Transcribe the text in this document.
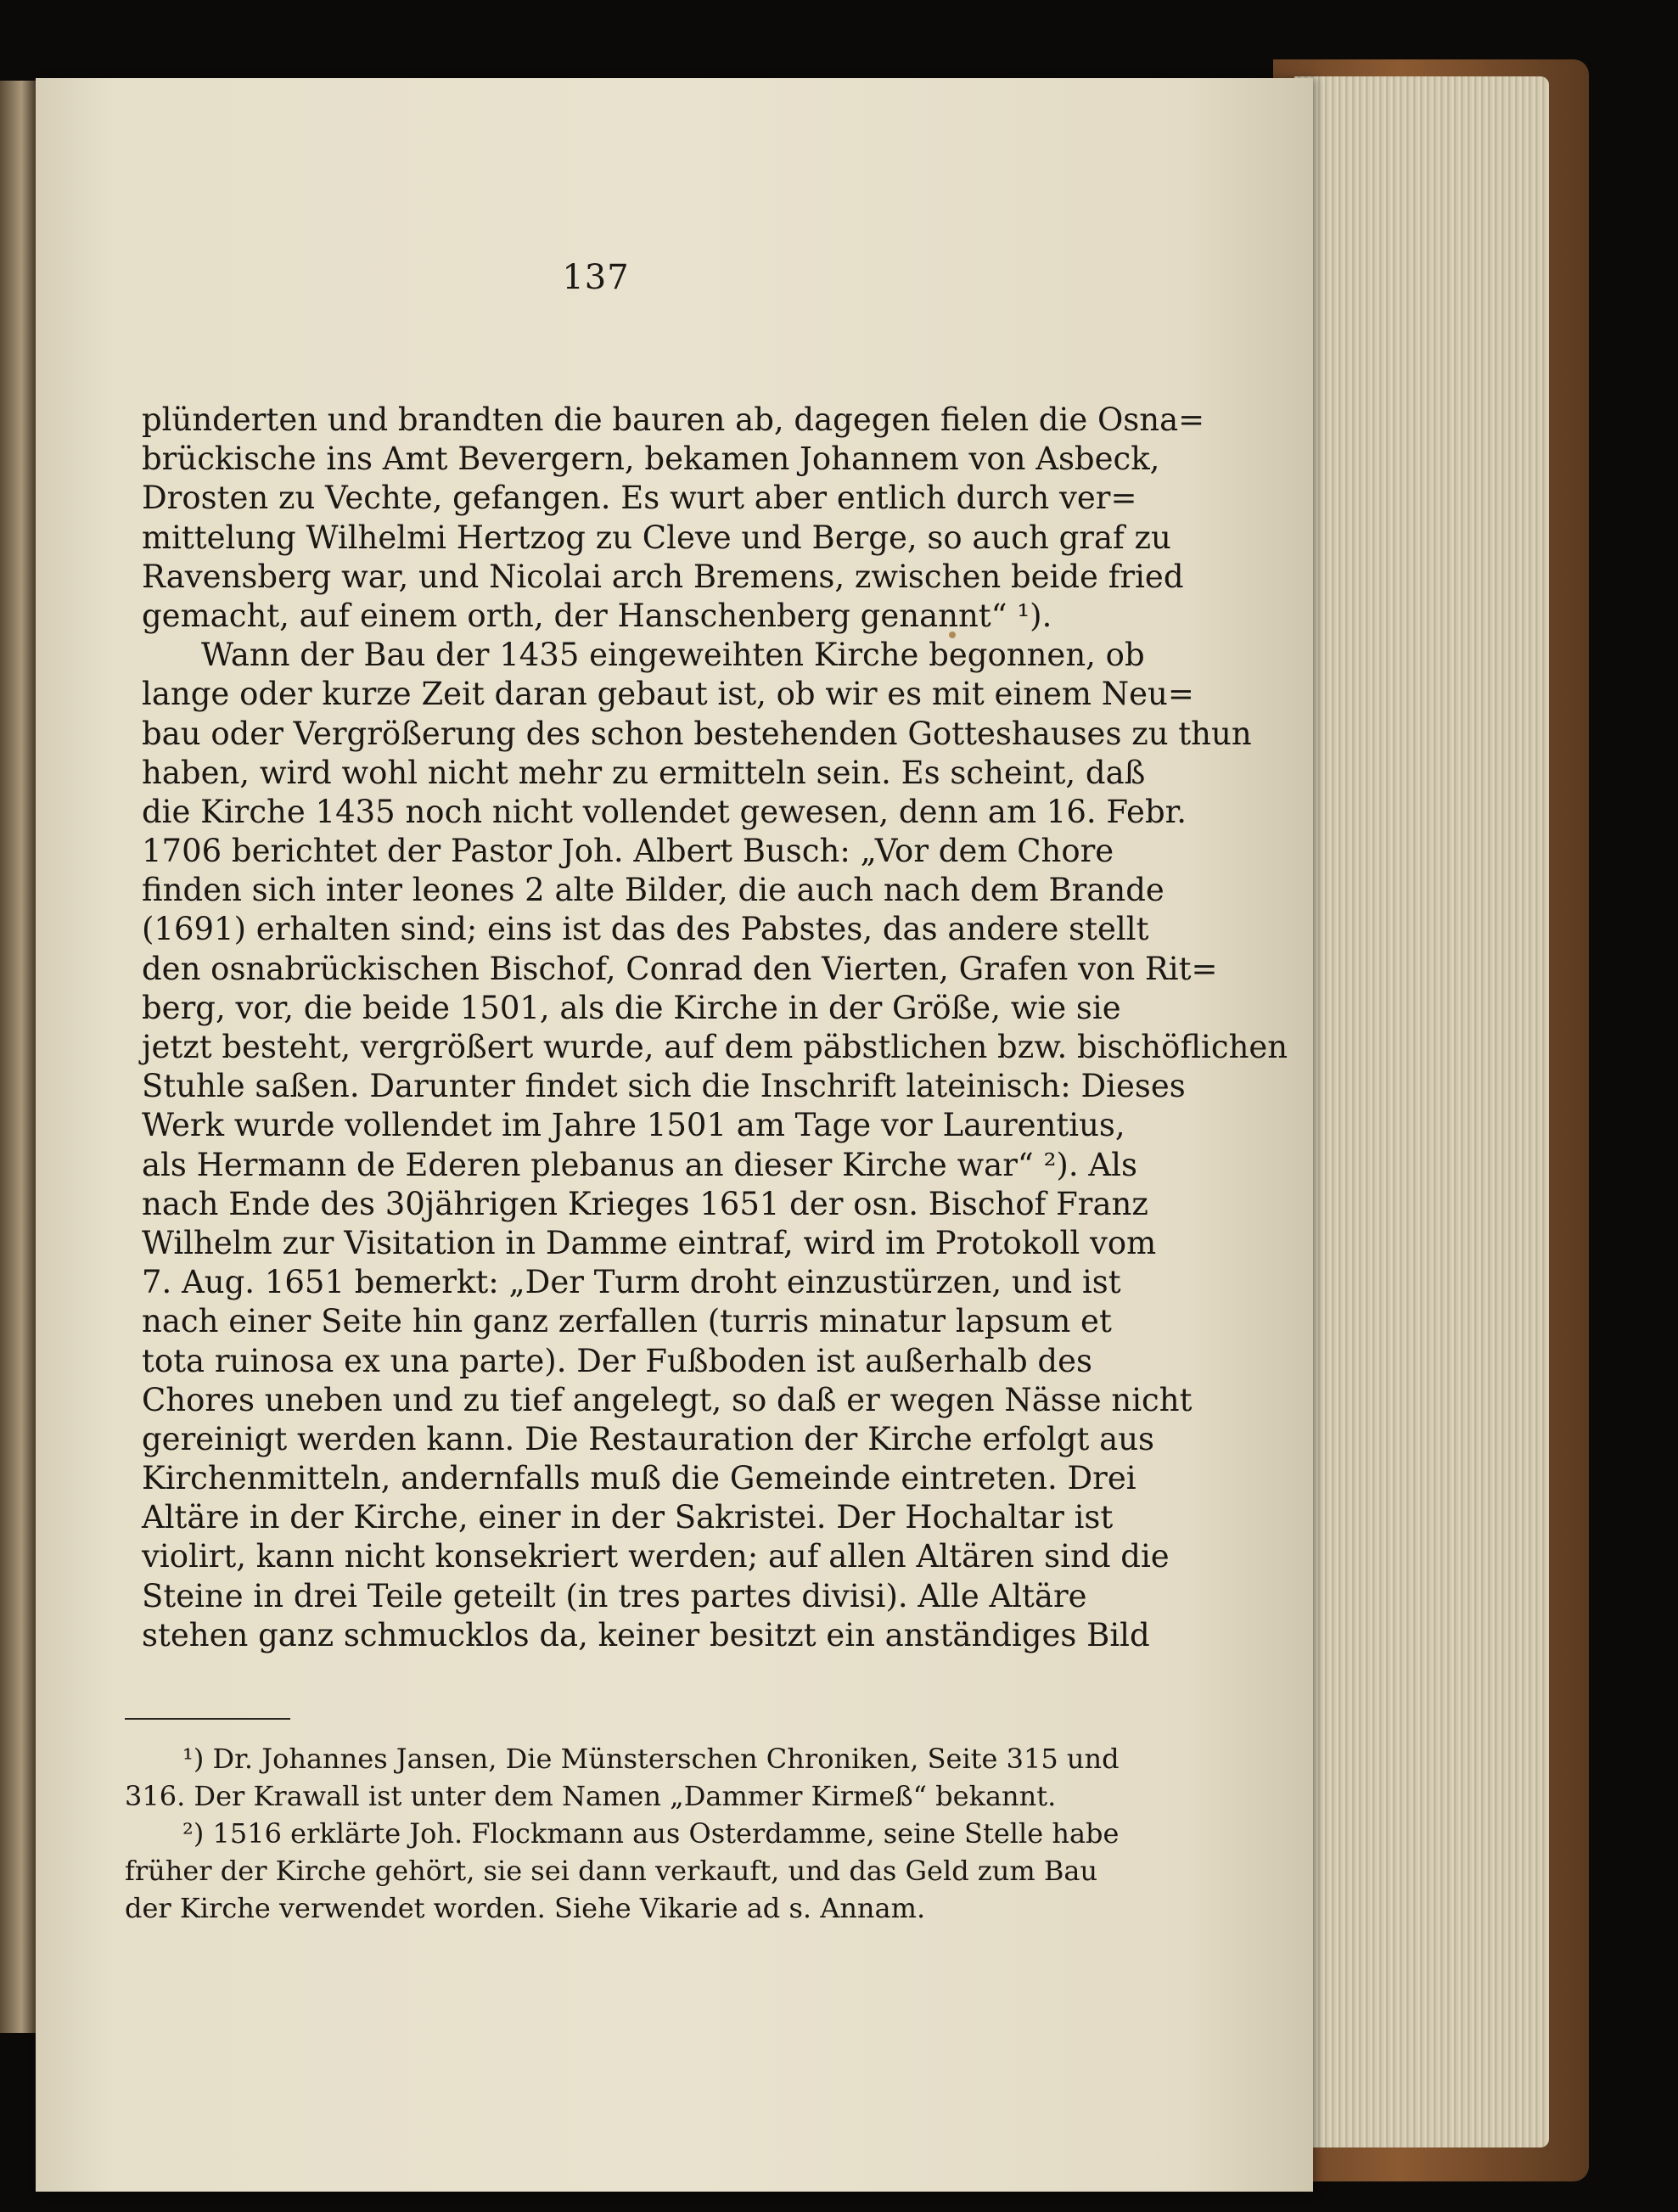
137
plünderten und brandten die bauren ab, dagegen fielen die Osna=
brückische ins Amt Bevergern, bekamen Johannem von Asbeck,
Drosten zu Vechte, gefangen. Es wurt aber entlich durch ver=
mittelung Wilhelmi Hertzog zu Cleve und Berge, so auch graf zu
Ravensberg war, und Nicolai arch Bremens, zwischen beide fried
gemacht, auf einem orth, der Hanschenberg genannt“ ¹).
Wann der Bau der 1435 eingeweihten Kirche begonnen, ob
lange oder kurze Zeit daran gebaut ist, ob wir es mit einem Neu=
bau oder Vergrößerung des schon bestehenden Gotteshauses zu thun
haben, wird wohl nicht mehr zu ermitteln sein. Es scheint, daß
die Kirche 1435 noch nicht vollendet gewesen, denn am 16. Febr.
1706 berichtet der Pastor Joh. Albert Busch: „Vor dem Chore
finden sich inter leones 2 alte Bilder, die auch nach dem Brande
(1691) erhalten sind; eins ist das des Pabstes, das andere stellt
den osnabrückischen Bischof, Conrad den Vierten, Grafen von Rit=
berg, vor, die beide 1501, als die Kirche in der Größe, wie sie
jetzt besteht, vergrößert wurde, auf dem päbstlichen bzw. bischöflichen
Stuhle saßen. Darunter findet sich die Inschrift lateinisch: Dieses
Werk wurde vollendet im Jahre 1501 am Tage vor Laurentius,
als Hermann de Ederen plebanus an dieser Kirche war“ ²). Als
nach Ende des 30jährigen Krieges 1651 der osn. Bischof Franz
Wilhelm zur Visitation in Damme eintraf, wird im Protokoll vom
7. Aug. 1651 bemerkt: „Der Turm droht einzustürzen, und ist
nach einer Seite hin ganz zerfallen (turris minatur lapsum et
tota ruinosa ex una parte). Der Fußboden ist außerhalb des
Chores uneben und zu tief angelegt, so daß er wegen Nässe nicht
gereinigt werden kann. Die Restauration der Kirche erfolgt aus
Kirchenmitteln, andernfalls muß die Gemeinde eintreten. Drei
Altäre in der Kirche, einer in der Sakristei. Der Hochaltar ist
violirt, kann nicht konsekriert werden; auf allen Altären sind die
Steine in drei Teile geteilt (in tres partes divisi). Alle Altäre
stehen ganz schmucklos da, keiner besitzt ein anständiges Bild
¹) Dr. Johannes Jansen, Die Münsterschen Chroniken, Seite 315 und
316. Der Krawall ist unter dem Namen „Dammer Kirmeß“ bekannt.
²) 1516 erklärte Joh. Flockmann aus Osterdamme, seine Stelle habe
früher der Kirche gehört, sie sei dann verkauft, und das Geld zum Bau
der Kirche verwendet worden. Siehe Vikarie ad s. Annam.
